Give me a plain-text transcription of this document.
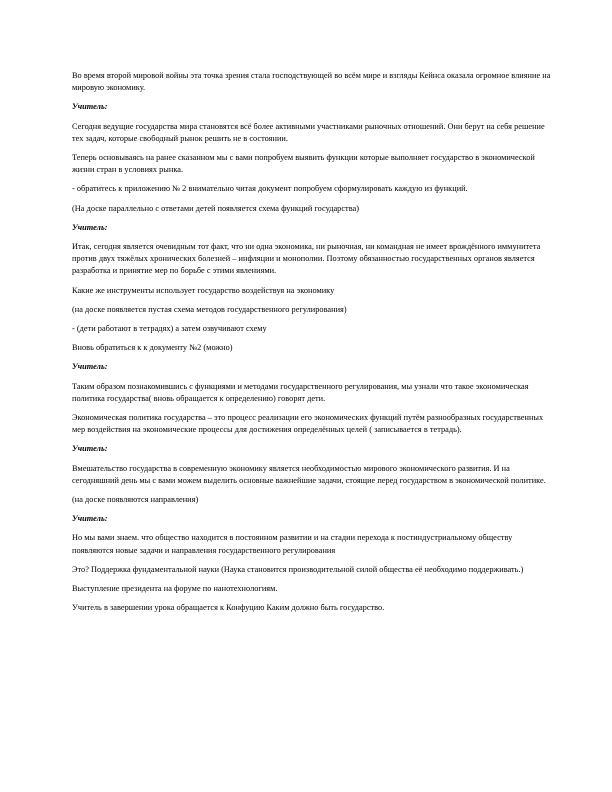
Во время второй мировой войны эта точка зрения стала господствующей во всём мире и взгляды Кейнса оказала огромное влияние на мировую экономику.

Учитель:

Сегодня ведущие государства мира становятся всё более активными участниками рыночных отношений. Они берут на себя решение тех задач, которые свободный рынок решить не в состоянии.

Теперь основываясь на ранее сказанном мы с вами попробуем выявить функции которые выполняет государство в экономической жизни стран в условиях рынка.

- обратитесь к приложению № 2 внимательно читая документ попробуем сформулировать каждую из функций.

(На доске параллельно с ответами детей появляется схема функций государства)

Учитель:

Итак, сегодня является очевидным тот факт, что ни одна экономика, ни рыночная, ни командная не имеет врождённого иммунитета против двух тяжёлых хронических болезней – инфляции и монополии. Поэтому обязанностью государственных органов является разработка и принятие мер по борьбе с этими явлениями.

Какие же инструменты использует государство воздействуя на экономику

(на доске появляется пустая схема методов государственного регулирования)

- (дети работают в тетрадях) а затем озвучивают схему

Вновь обратиться к к документу №2 (можно)

Учитель:

Таким образом познакомившись с функциями и методами государственного регулирования, мы узнали что такое экономическая политика государства( вновь обращается к определению) говорят дети.

Экономическая политика государства – это процесс реализации его экономических функций путём разнообразных государственных мер воздействия на экономические процессы для достижения определённых целей ( записывается в тетрадь).

Учитель:

Вмешательство государства в современную экономику является необходимостью мирового экономического развития. И на сегодняшний день мы с вами можем выделить основные важнейшие задачи, стоящие перед государством в экономической политике.

(на доске появляются направления)

Учитель:

Но мы вами знаем. что общество находится в постоянном развитии и на стадии перехода к постиндустриальному обществу появляются новые задачи и направления государственного регулирования

Это? Поддержка фундаментальной науки (Наука становится производительной силой общества её необходимо поддерживать.)

Выступление президента на форуме по нанотехнологиям.

Учитель в завершении урока обращается к Конфуцию Каким должно быть государство.
